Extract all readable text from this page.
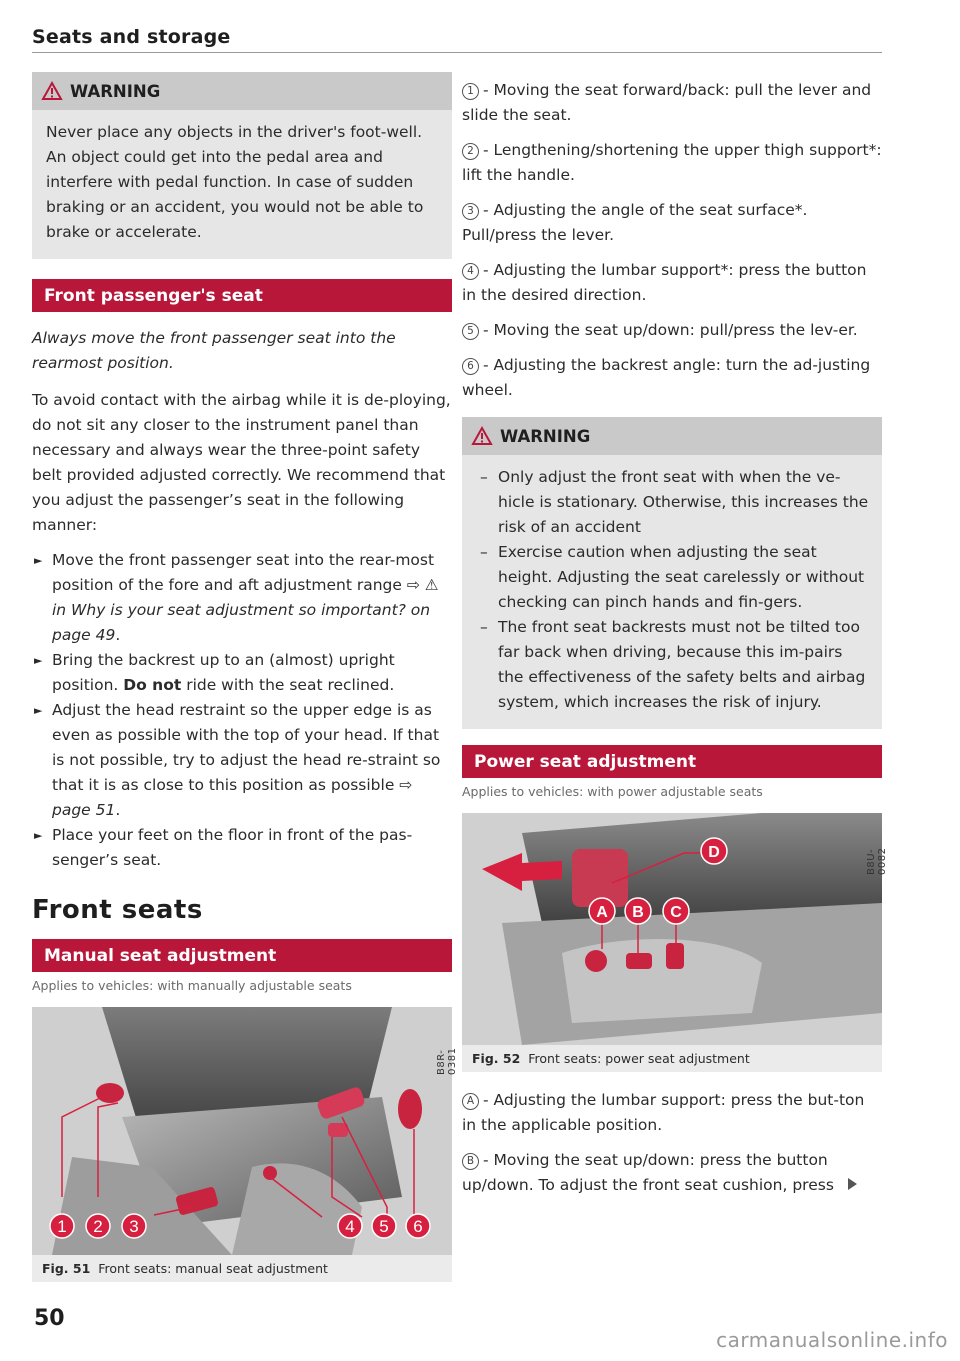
Seats and storage
WARNING
Never place any objects in the driver's foot-well. An object could get into the pedal area and interfere with pedal function. In case of sudden braking or an accident, you would not be able to brake or accelerate.
Front passenger's seat

Always move the front passenger seat into the rearmost position.

To avoid contact with the airbag while it is de-ploying, do not sit any closer to the instrument panel than necessary and always wear the three-point safety belt provided adjusted correctly. We recommend that you adjust the passenger’s seat in the following manner:

► Move the front passenger seat into the rear-most position of the fore and aft adjustment range ⇨ ⚠ in Why is your seat adjustment so important? on page 49.
► Bring the backrest up to an (almost) upright position. Do not ride with the seat reclined.
► Adjust the head restraint so the upper edge is as even as possible with the top of your head. If that is not possible, try to adjust the head re-straint so that it is as close to this position as possible ⇨ page 51.
► Place your feet on the floor in front of the pas-senger’s seat.
Front seats
Manual seat adjustment
Applies to vehicles: with manually adjustable seats
1 2 3	4 5 6
B8R-0381
Fig. 51 Front seats: manual seat adjustment

1 - Moving the seat forward/back: pull the lever and slide the seat.

2 - Lengthening/shortening the upper thigh support*: lift the handle.

3 - Adjusting the angle of the seat surface*. Pull/press the lever.

4 - Adjusting the lumbar support*: press the button in the desired direction.

5 - Moving the seat up/down: pull/press the lev-er.

6 - Adjusting the backrest angle: turn the ad-justing wheel.

WARNING
– Only adjust the front seat with when the ve-hicle is stationary. Otherwise, this increases the risk of an accident
– Exercise caution when adjusting the seat height. Adjusting the seat carelessly or without checking can pinch hands and fin-gers.
– The front seat backrests must not be tilted too far back when driving, because this im-pairs the effectiveness of the safety belts and airbag system, which increases the risk of injury.
Power seat adjustment
Applies to vehicles: with power adjustable seats
A B C
D	B8U-0082
Fig. 52 Front seats: power seat adjustment

A - Adjusting the lumbar support: press the but-ton in the applicable position.

B - Moving the seat up/down: press the button up/down. To adjust the front seat cushion, press

50
carmanualsonline.info
